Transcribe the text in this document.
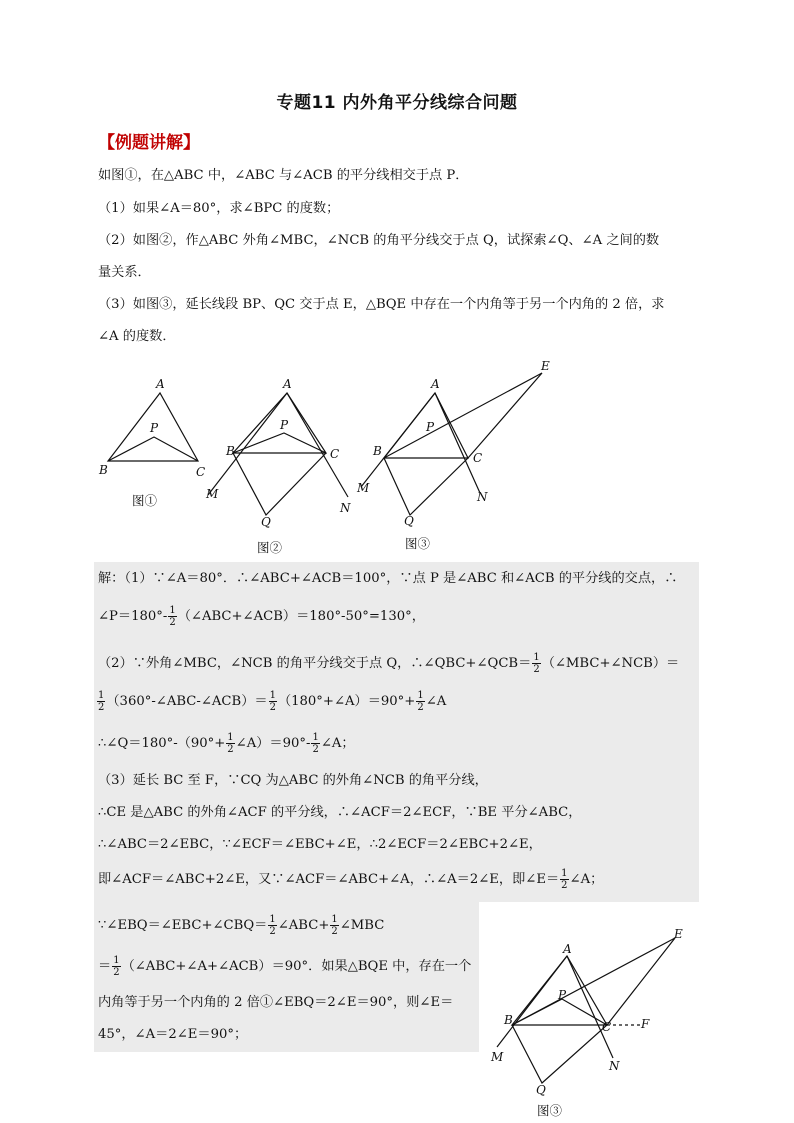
专题11 内外角平分线综合问题
【例题讲解】
如图①，在△ABC 中，∠ABC 与∠ACB 的平分线相交于点 P．
（1）如果∠A＝80°，求∠BPC 的度数；
（2）如图②，作△ABC 外角∠MBC，∠NCB 的角平分线交于点 Q，试探索∠Q、∠A 之间的数
量关系．
（3）如图③，延长线段 BP、QC 交于点 E，△BQE 中存在一个内角等于另一个内角的 2 倍，求
∠A 的度数．
A
P
B	C
A
P
B	C
M
N
Q
A
P
B	C
E
M
N
Q
图①
图②	图③
解：（1）∵∠A＝80°．∴∠ABC+∠ACB＝100°，∵点 P 是∠ABC 和∠ACB 的平分线的交点，∴
∠P＝180°- $\frac{1}{2}$ （∠ABC+∠ACB）＝180°-50°=130°，
（2）∵外角∠MBC，∠NCB 的角平分线交于点 Q，∴∠QBC+∠QCB＝ $\frac{1}{2}$ （∠MBC+∠NCB）＝
$\frac{1}{2}$ （360°-∠ABC-∠ACB）＝ $\frac{1}{2}$ （180°+∠A）＝90°+ $\frac{1}{2}$ ∠A
∴∠Q＝180°-（90°+ $\frac{1}{2}$ ∠A）＝90°- $\frac{1}{2}$ ∠A；
（3）延长 BC 至 F，∵CQ 为△ABC 的外角∠NCB 的角平分线，
∴CE 是△ABC 的外角∠ACF 的平分线，∴∠ACF＝2∠ECF，∵BE 平分∠ABC，
∴∠ABC＝2∠EBC，∵∠ECF＝∠EBC+∠E，∴2∠ECF＝2∠EBC+2∠E，
即∠ACF＝∠ABC+2∠E，又∵∠ACF＝∠ABC+∠A，∴∠A＝2∠E，即∠E＝ $\frac{1}{2}$ ∠A；
∵∠EBQ＝∠EBC+∠CBQ＝ $\frac{1}{2}$ ∠ABC+ $\frac{1}{2}$ ∠MBC
＝ $\frac{1}{2}$ （∠ABC+∠A+∠ACB）＝90°．如果△BQE 中，存在一个
内角等于另一个内角的 2 倍①∠EBQ＝2∠E＝90°，则∠E＝
45°，∠A＝2∠E＝90°；
A
P
B	C F
E
M
N
Q
图③
